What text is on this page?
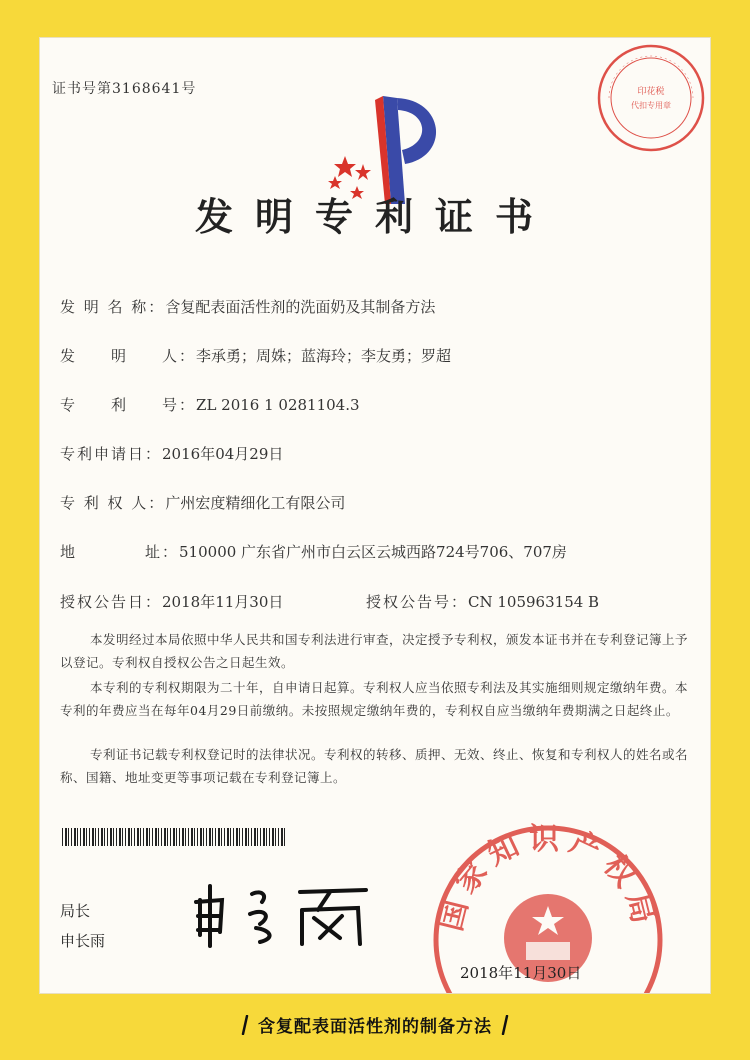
证书号第3168641号	印花税
代扣专用章
发明专利证书
发 明 名 称：含复配表面活性剂的洗面奶及其制备方法
发　　明　　人：李承勇；周姝；蓝海玲；李友勇；罗超
专　　利　　号：ZL 2016 1 0281104.3
专利申请日：2016年04月29日
专 利 权 人：广州宏度精细化工有限公司
地　　　　址：510000 广东省广州市白云区云城西路724号706、707房
授权公告日：2018年11月30日	授权公告号：CN 105963154 B
本发明经过本局依照中华人民共和国专利法进行审查，决定授予专利权，颁发本证书并在专利登记簿上予以登记。专利权自授权公告之日起生效。
本专利的专利权期限为二十年，自申请日起算。专利权人应当依照专利法及其实施细则规定缴纳年费。本专利的年费应当在每年04月29日前缴纳。未按照规定缴纳年费的，专利权自应当缴纳年费期满之日起终止。
专利证书记载专利权登记时的法律状况。专利权的转移、质押、无效、终止、恢复和专利权人的姓名或名称、国籍、地址变更等事项记载在专利登记簿上。
局长
申长雨
国家知识产权局
2018年11月30日
含复配表面活性剂的制备方法
